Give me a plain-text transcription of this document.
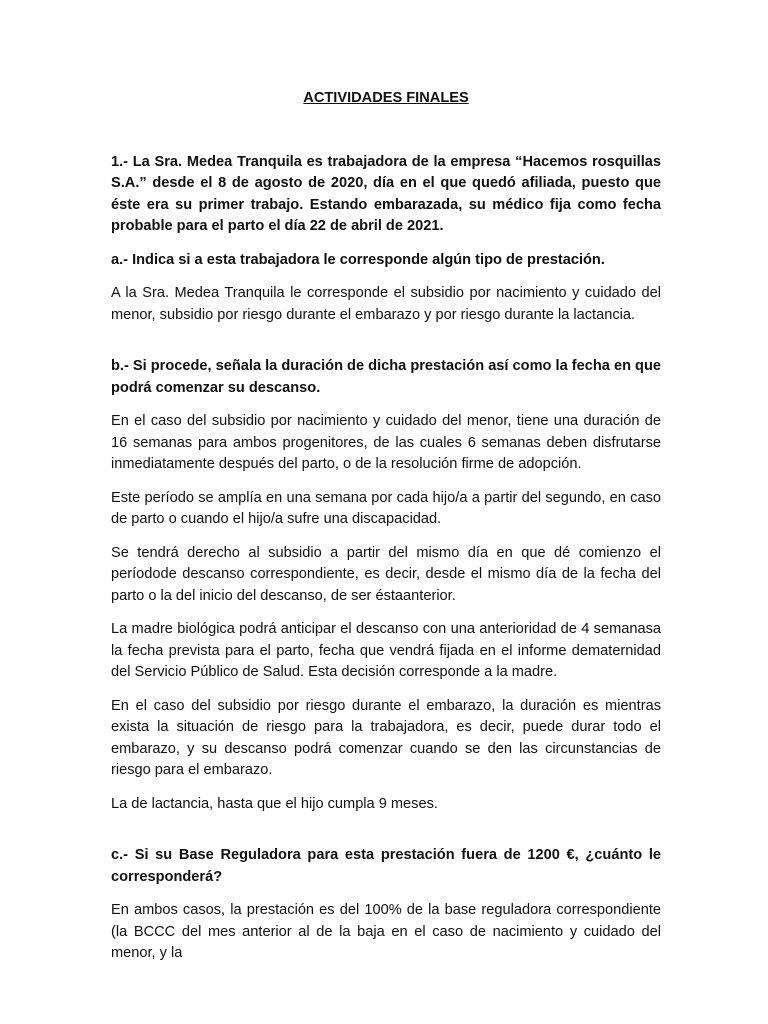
ACTIVIDADES FINALES

1.- La Sra. Medea Tranquila es trabajadora de la empresa “Hacemos rosquillas S.A.” desde el 8 de agosto de 2020, día en el que quedó afiliada, puesto que éste era su primer trabajo. Estando embarazada, su médico fija como fecha probable para el parto el día 22 de abril de 2021.

a.- Indica si a esta trabajadora le corresponde algún tipo de prestación.

A la Sra. Medea Tranquila le corresponde el subsidio por nacimiento y cuidado del menor, subsidio por riesgo durante el embarazo y por riesgo durante la lactancia.

b.- Si procede, señala la duración de dicha prestación así como la fecha en que podrá comenzar su descanso.

En el caso del subsidio por nacimiento y cuidado del menor, tiene una duración de 16 semanas para ambos progenitores, de las cuales 6 semanas deben disfrutarse inmediatamente después del parto, o de la resolución firme de adopción.

Este período se amplía en una semana por cada hijo/a a partir del segundo, en caso de parto o cuando el hijo/a sufre una discapacidad.

Se tendrá derecho al subsidio a partir del mismo día en que dé comienzo el períodode descanso correspondiente, es decir, desde el mismo día de la fecha del parto o la del inicio del descanso, de ser éstaanterior.

La madre biológica podrá anticipar el descanso con una anterioridad de 4 semanasa la fecha prevista para el parto, fecha que vendrá fijada en el informe dematernidad del Servicio Público de Salud. Esta decisión corresponde a la madre.

En el caso del subsidio por riesgo durante el embarazo, la duración es mientras exista la situación de riesgo para la trabajadora, es decir, puede durar todo el embarazo, y su descanso podrá comenzar cuando se den las circunstancias de riesgo para el embarazo.

La de lactancia, hasta que el hijo cumpla 9 meses.

c.- Si su Base Reguladora para esta prestación fuera de 1200 €, ¿cuánto le corresponderá?

En ambos casos, la prestación es del 100% de la base reguladora correspondiente (la BCCC del mes anterior al de la baja en el caso de nacimiento y cuidado del menor, y la
